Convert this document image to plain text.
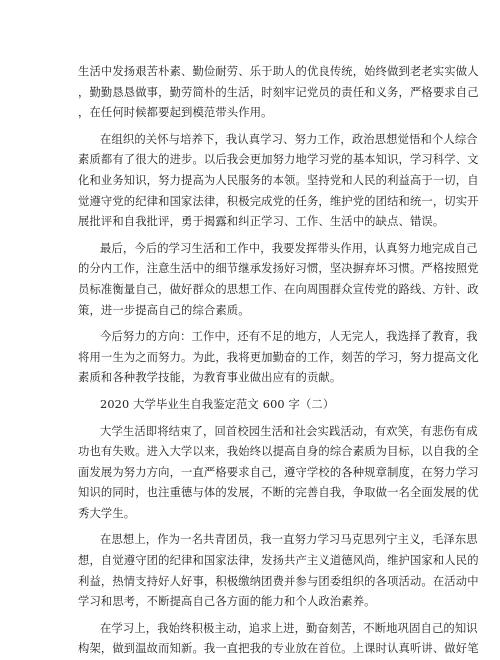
生活中发扬艰苦朴素、勤俭耐劳、乐于助人的优良传统，始终做到老老实实做人
，勤勤恳恳做事，勤劳简朴的生活，时刻牢记党员的责任和义务，严格要求自己
，在任何时候都要起到模范带头作用。
在组织的关怀与培养下，我认真学习、努力工作，政治思想觉悟和个人综合
素质都有了很大的进步。以后我会更加努力地学习党的基本知识，学习科学、文
化和业务知识，努力提高为人民服务的本领。坚持党和人民的利益高于一切，自
觉遵守党的纪律和国家法律，积极完成党的任务，维护党的团结和统一，切实开
展批评和自我批评，勇于揭露和纠正学习、工作、生活中的缺点、错误。
最后，今后的学习生活和工作中，我要发挥带头作用，认真努力地完成自己
的分内工作，注意生活中的细节继承发扬好习惯，坚决摒弃坏习惯。严格按照党
员标准衡量自己，做好群众的思想工作、在向周围群众宣传党的路线、方针、政
策，进一步提高自己的综合素质。
今后努力的方向：工作中，还有不足的地方，人无完人，我选择了教育，我
将用一生为之而努力。为此，我将更加勤奋的工作，刻苦的学习，努力提高文化
素质和各种教学技能，为教育事业做出应有的贡献。
2020 大学毕业生自我鉴定范文 600 字（二）
大学生活即将结束了，回首校园生活和社会实践活动，有欢笑，有悲伤有成
功也有失败。进入大学以来，我始终以提高自身的综合素质为目标，以自我的全
面发展为努力方向，一直严格要求自己，遵守学校的各种规章制度，在努力学习
知识的同时，也注重德与体的发展，不断的完善自我，争取做一名全面发展的优
秀大学生。
在思想上，作为一名共青团员，我一直努力学习马克思列宁主义，毛泽东思
想，自觉遵守团的纪律和国家法律，发扬共产主义道德风尚，维护国家和人民的
利益，热情支持好人好事，积极缴纳团费并参与团委组织的各项活动。在活动中
学习和思考，不断提高自己各方面的能力和个人政治素养。
在学习上，我始终积极主动，追求上进，勤奋刻苦，不断地巩固自己的知识
构架，做到温故而知新。我一直把我的专业放在首位。上课时认真听讲、做好笔
